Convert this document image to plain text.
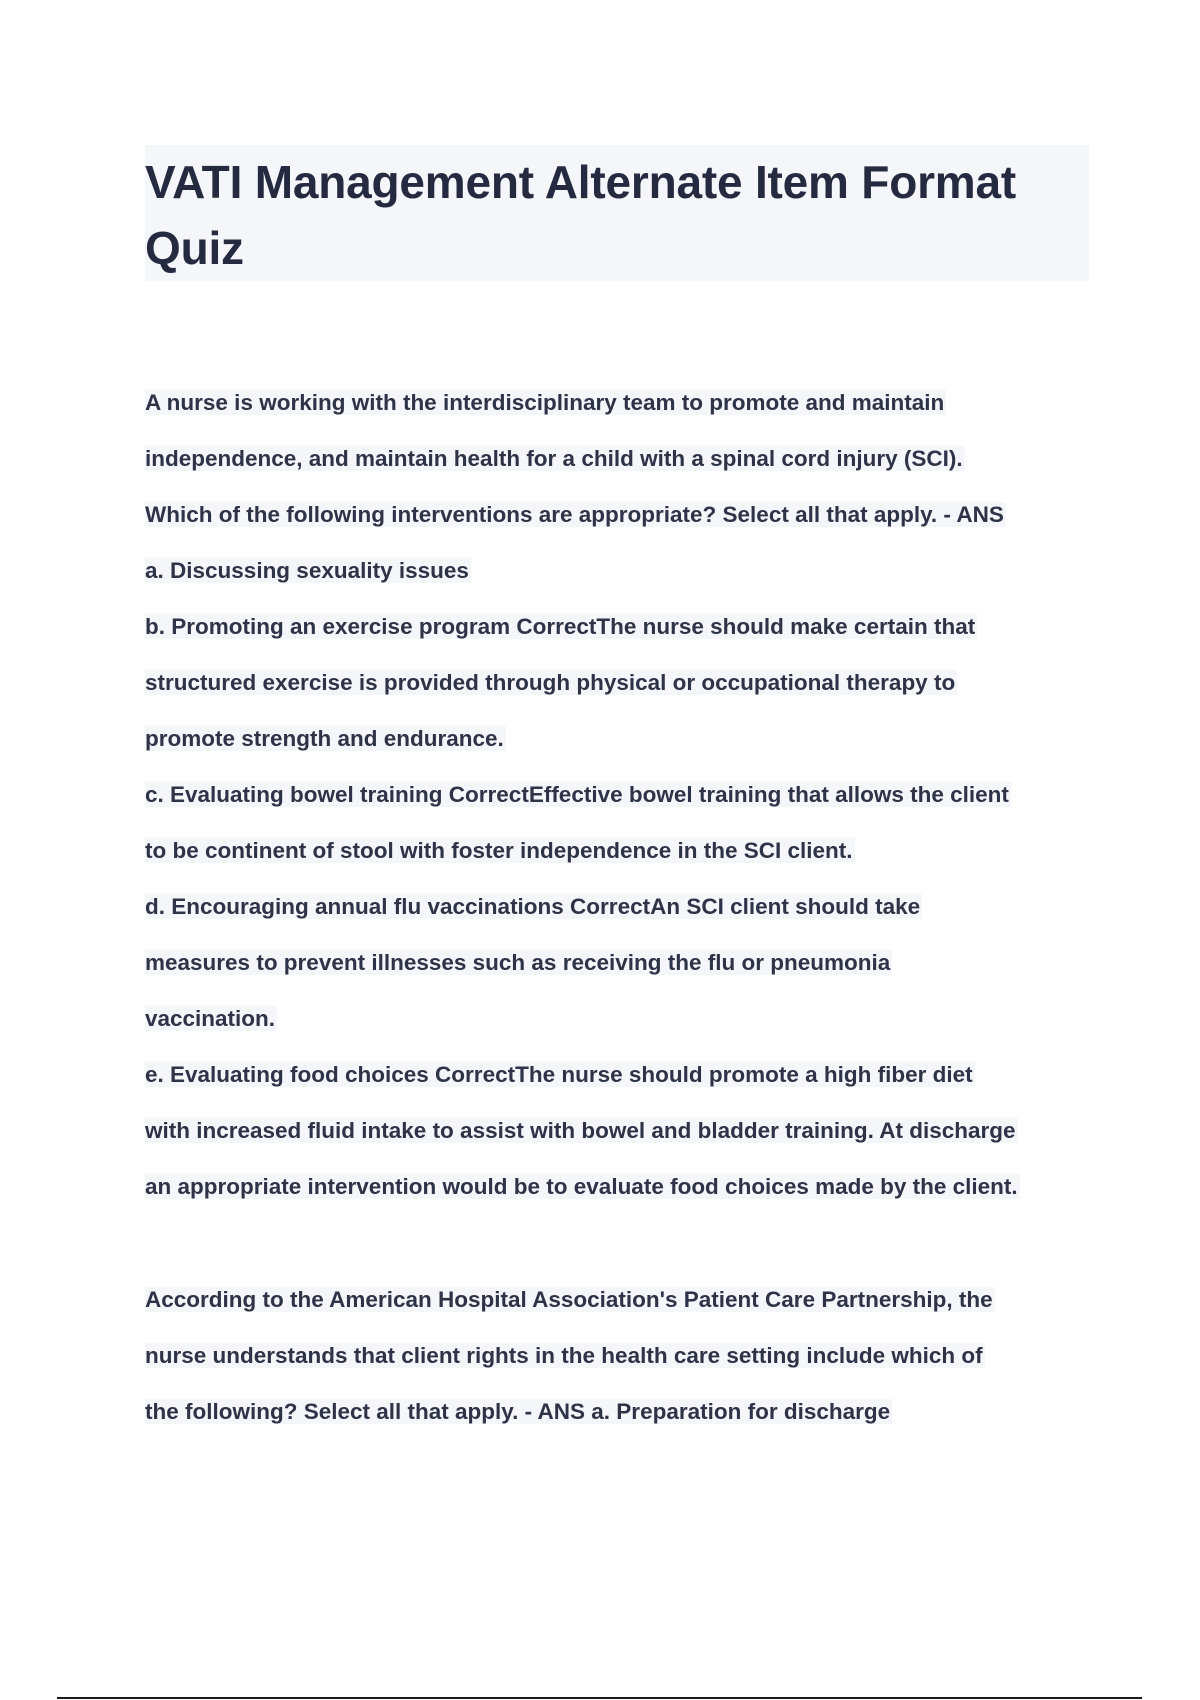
VATI Management Alternate Item Format Quiz
A nurse is working with the interdisciplinary team to promote and maintain
independence, and maintain health for a child with a spinal cord injury (SCI).
Which of the following interventions are appropriate? Select all that apply. - ANS
a. Discussing sexuality issues
b. Promoting an exercise program CorrectThe nurse should make certain that
structured exercise is provided through physical or occupational therapy to
promote strength and endurance.
c. Evaluating bowel training CorrectEffective bowel training that allows the client
to be continent of stool with foster independence in the SCI client.
d. Encouraging annual flu vaccinations CorrectAn SCI client should take
measures to prevent illnesses such as receiving the flu or pneumonia
vaccination.
e. Evaluating food choices CorrectThe nurse should promote a high fiber diet
with increased fluid intake to assist with bowel and bladder training. At discharge
an appropriate intervention would be to evaluate food choices made by the client.
According to the American Hospital Association's Patient Care Partnership, the
nurse understands that client rights in the health care setting include which of
the following? Select all that apply. - ANS a. Preparation for discharge
